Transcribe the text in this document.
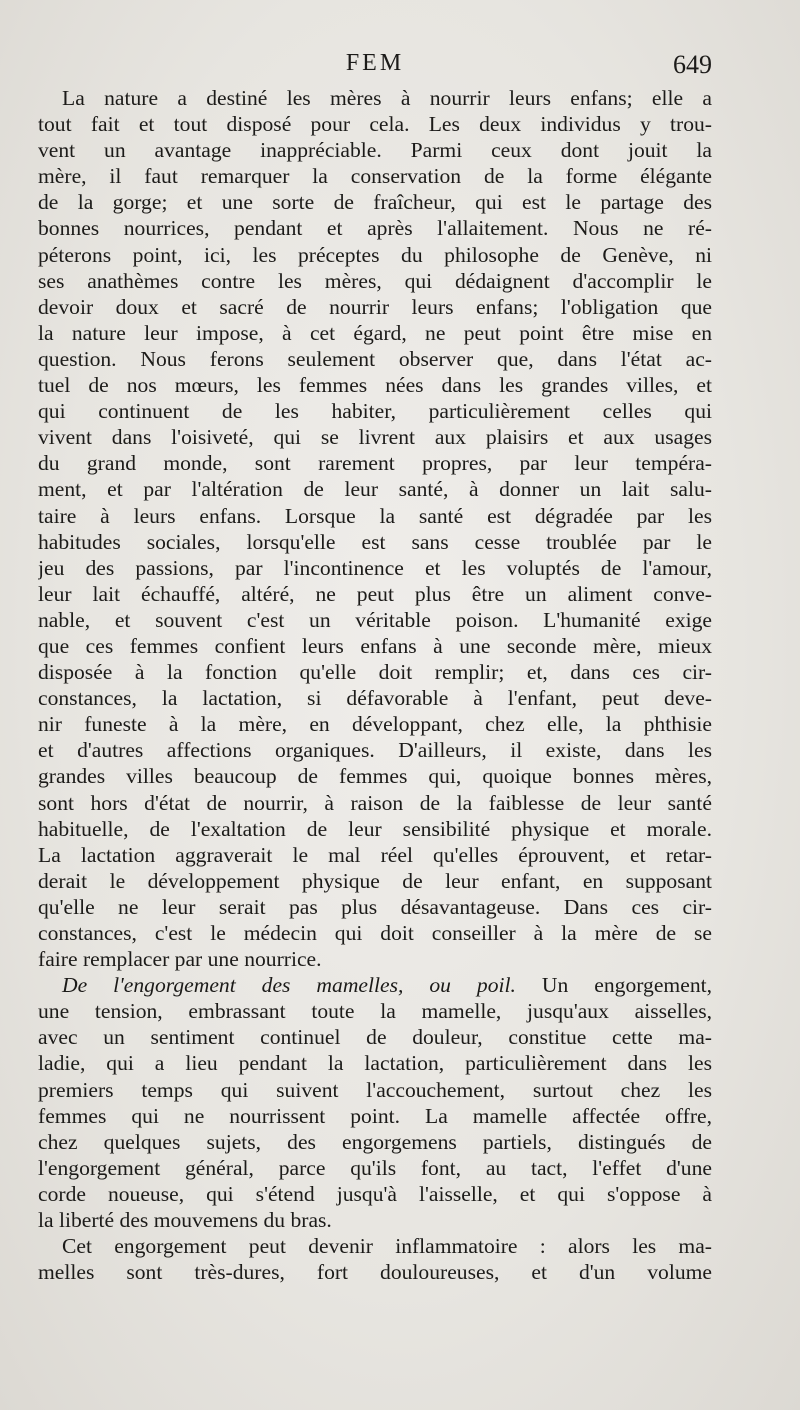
FEM	649
La nature a destiné les mères à nourrir leurs enfans; elle a
tout fait et tout disposé pour cela. Les deux individus y trou-
vent un avantage inappréciable. Parmi ceux dont jouit la
mère, il faut remarquer la conservation de la forme élégante
de la gorge; et une sorte de fraîcheur, qui est le partage des
bonnes nourrices, pendant et après l'allaitement. Nous ne ré-
péterons point, ici, les préceptes du philosophe de Genève, ni
ses anathèmes contre les mères, qui dédaignent d'accomplir le
devoir doux et sacré de nourrir leurs enfans; l'obligation que
la nature leur impose, à cet égard, ne peut point être mise en
question. Nous ferons seulement observer que, dans l'état ac-
tuel de nos mœurs, les femmes nées dans les grandes villes, et
qui continuent de les habiter, particulièrement celles qui
vivent dans l'oisiveté, qui se livrent aux plaisirs et aux usages
du grand monde, sont rarement propres, par leur tempéra-
ment, et par l'altération de leur santé, à donner un lait salu-
taire à leurs enfans. Lorsque la santé est dégradée par les
habitudes sociales, lorsqu'elle est sans cesse troublée par le
jeu des passions, par l'incontinence et les voluptés de l'amour,
leur lait échauffé, altéré, ne peut plus être un aliment conve-
nable, et souvent c'est un véritable poison. L'humanité exige
que ces femmes confient leurs enfans à une seconde mère, mieux
disposée à la fonction qu'elle doit remplir; et, dans ces cir-
constances, la lactation, si défavorable à l'enfant, peut deve-
nir funeste à la mère, en développant, chez elle, la phthisie
et d'autres affections organiques. D'ailleurs, il existe, dans les
grandes villes beaucoup de femmes qui, quoique bonnes mères,
sont hors d'état de nourrir, à raison de la faiblesse de leur santé
habituelle, de l'exaltation de leur sensibilité physique et morale.
La lactation aggraverait le mal réel qu'elles éprouvent, et retar-
derait le développement physique de leur enfant, en supposant
qu'elle ne leur serait pas plus désavantageuse. Dans ces cir-
constances, c'est le médecin qui doit conseiller à la mère de se
faire remplacer par une nourrice.
De l'engorgement des mamelles, ou poil. Un engorgement,
une tension, embrassant toute la mamelle, jusqu'aux aisselles,
avec un sentiment continuel de douleur, constitue cette ma-
ladie, qui a lieu pendant la lactation, particulièrement dans les
premiers temps qui suivent l'accouchement, surtout chez les
femmes qui ne nourrissent point. La mamelle affectée offre,
chez quelques sujets, des engorgemens partiels, distingués de
l'engorgement général, parce qu'ils font, au tact, l'effet d'une
corde noueuse, qui s'étend jusqu'à l'aisselle, et qui s'oppose à
la liberté des mouvemens du bras.
Cet engorgement peut devenir inflammatoire : alors les ma-
melles sont très-dures, fort douloureuses, et d'un volume
